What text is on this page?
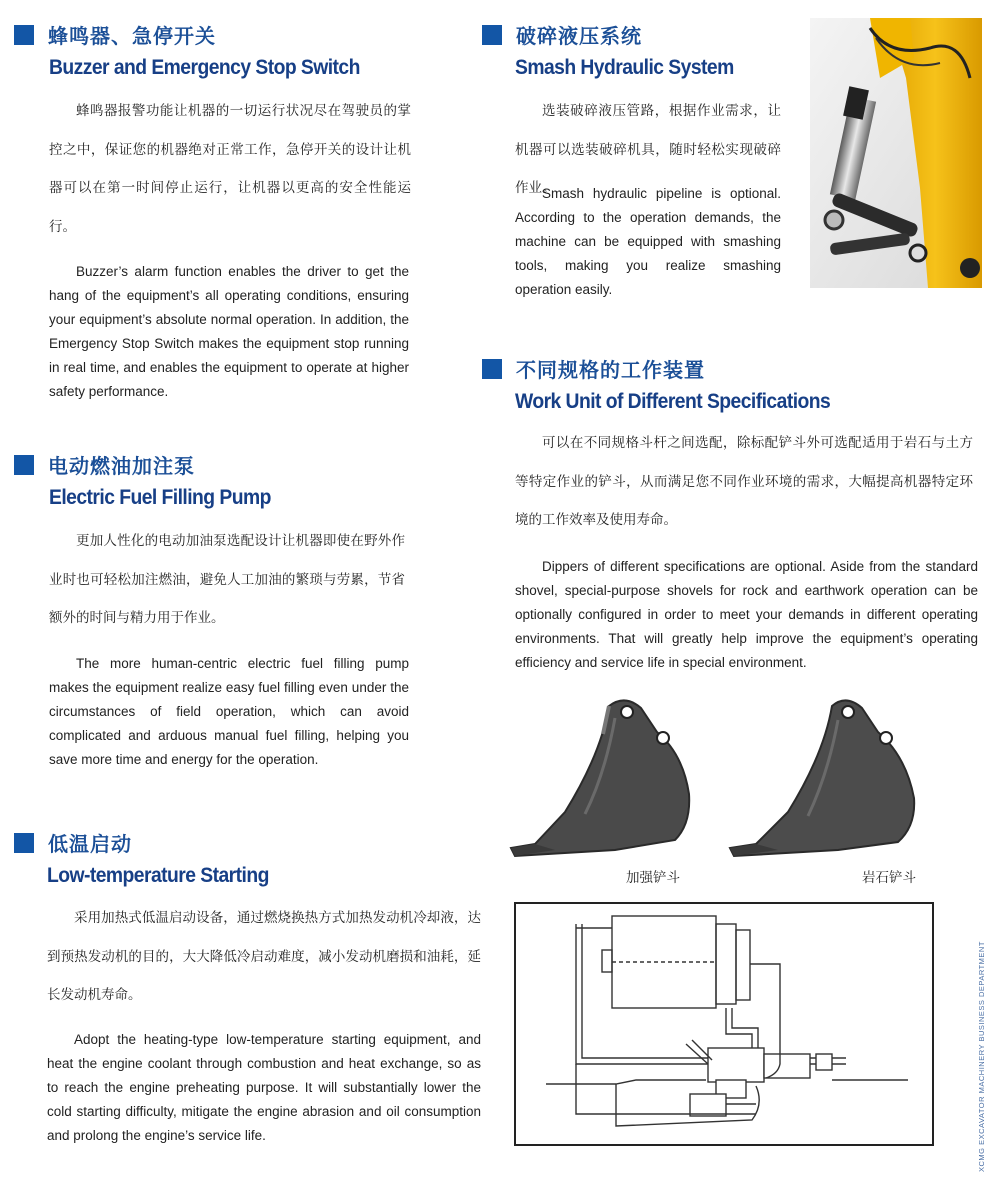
蜂鸣器、急停开关
Buzzer and Emergency Stop Switch
蜂鸣器报警功能让机器的一切运行状况尽在驾驶员的掌控之中，保证您的机器绝对正常工作，急停开关的设计让机器可以在第一时间停止运行，让机器以更高的安全性能运行。
Buzzer’s alarm function enables the driver to get the hang of the equipment’s all operating conditions, ensuring your equipment’s absolute normal operation. In addition, the Emergency Stop Switch makes the equipment stop running in real time, and enables the equipment to operate at higher safety performance.
电动燃油加注泵
Electric Fuel Filling Pump
更加人性化的电动加油泵选配设计让机器即使在野外作业时也可轻松加注燃油，避免人工加油的繁琐与劳累，节省额外的时间与精力用于作业。
The more human-centric electric fuel filling pump makes the equipment realize easy fuel filling even under the circumstances of field operation, which can avoid complicated and arduous manual fuel filling, helping you save more time and energy for the operation.
低温启动
Low-temperature Starting
采用加热式低温启动设备，通过燃烧换热方式加热发动机冷却液，达到预热发动机的目的，大大降低冷启动难度，减小发动机磨损和油耗，延长发动机寿命。
Adopt the heating-type low-temperature starting equipment, and heat the engine coolant through combustion and heat exchange, so as to reach the engine preheating purpose. It will substantially lower the cold starting difficulty, mitigate the engine abrasion and oil consumption and prolong the engine’s service life.
破碎液压系统
Smash Hydraulic System
选装破碎液压管路，根据作业需求，让机器可以选装破碎机具，随时轻松实现破碎作业。
Smash hydraulic pipeline is optional. According to the operation demands, the machine can be equipped with smashing tools, making you realize smashing operation easily.
不同规格的工作装置
Work Unit of Different Specifications
可以在不同规格斗杆之间选配，除标配铲斗外可选配适用于岩石与土方等特定作业的铲斗，从而满足您不同作业环境的需求，大幅提高机器特定环境的工作效率及使用寿命。
Dippers of different specifications are optional. Aside from the standard shovel, special-purpose shovels for rock and earthwork operation can be optionally configured in order to meet your demands in different operating environments. That will greatly help improve the equipment’s operating efficiency and service life in special environment.
加强铲斗	岩石铲斗
XCMG EXCAVATOR MACHINERY BUSINESS DEPARTMENT
